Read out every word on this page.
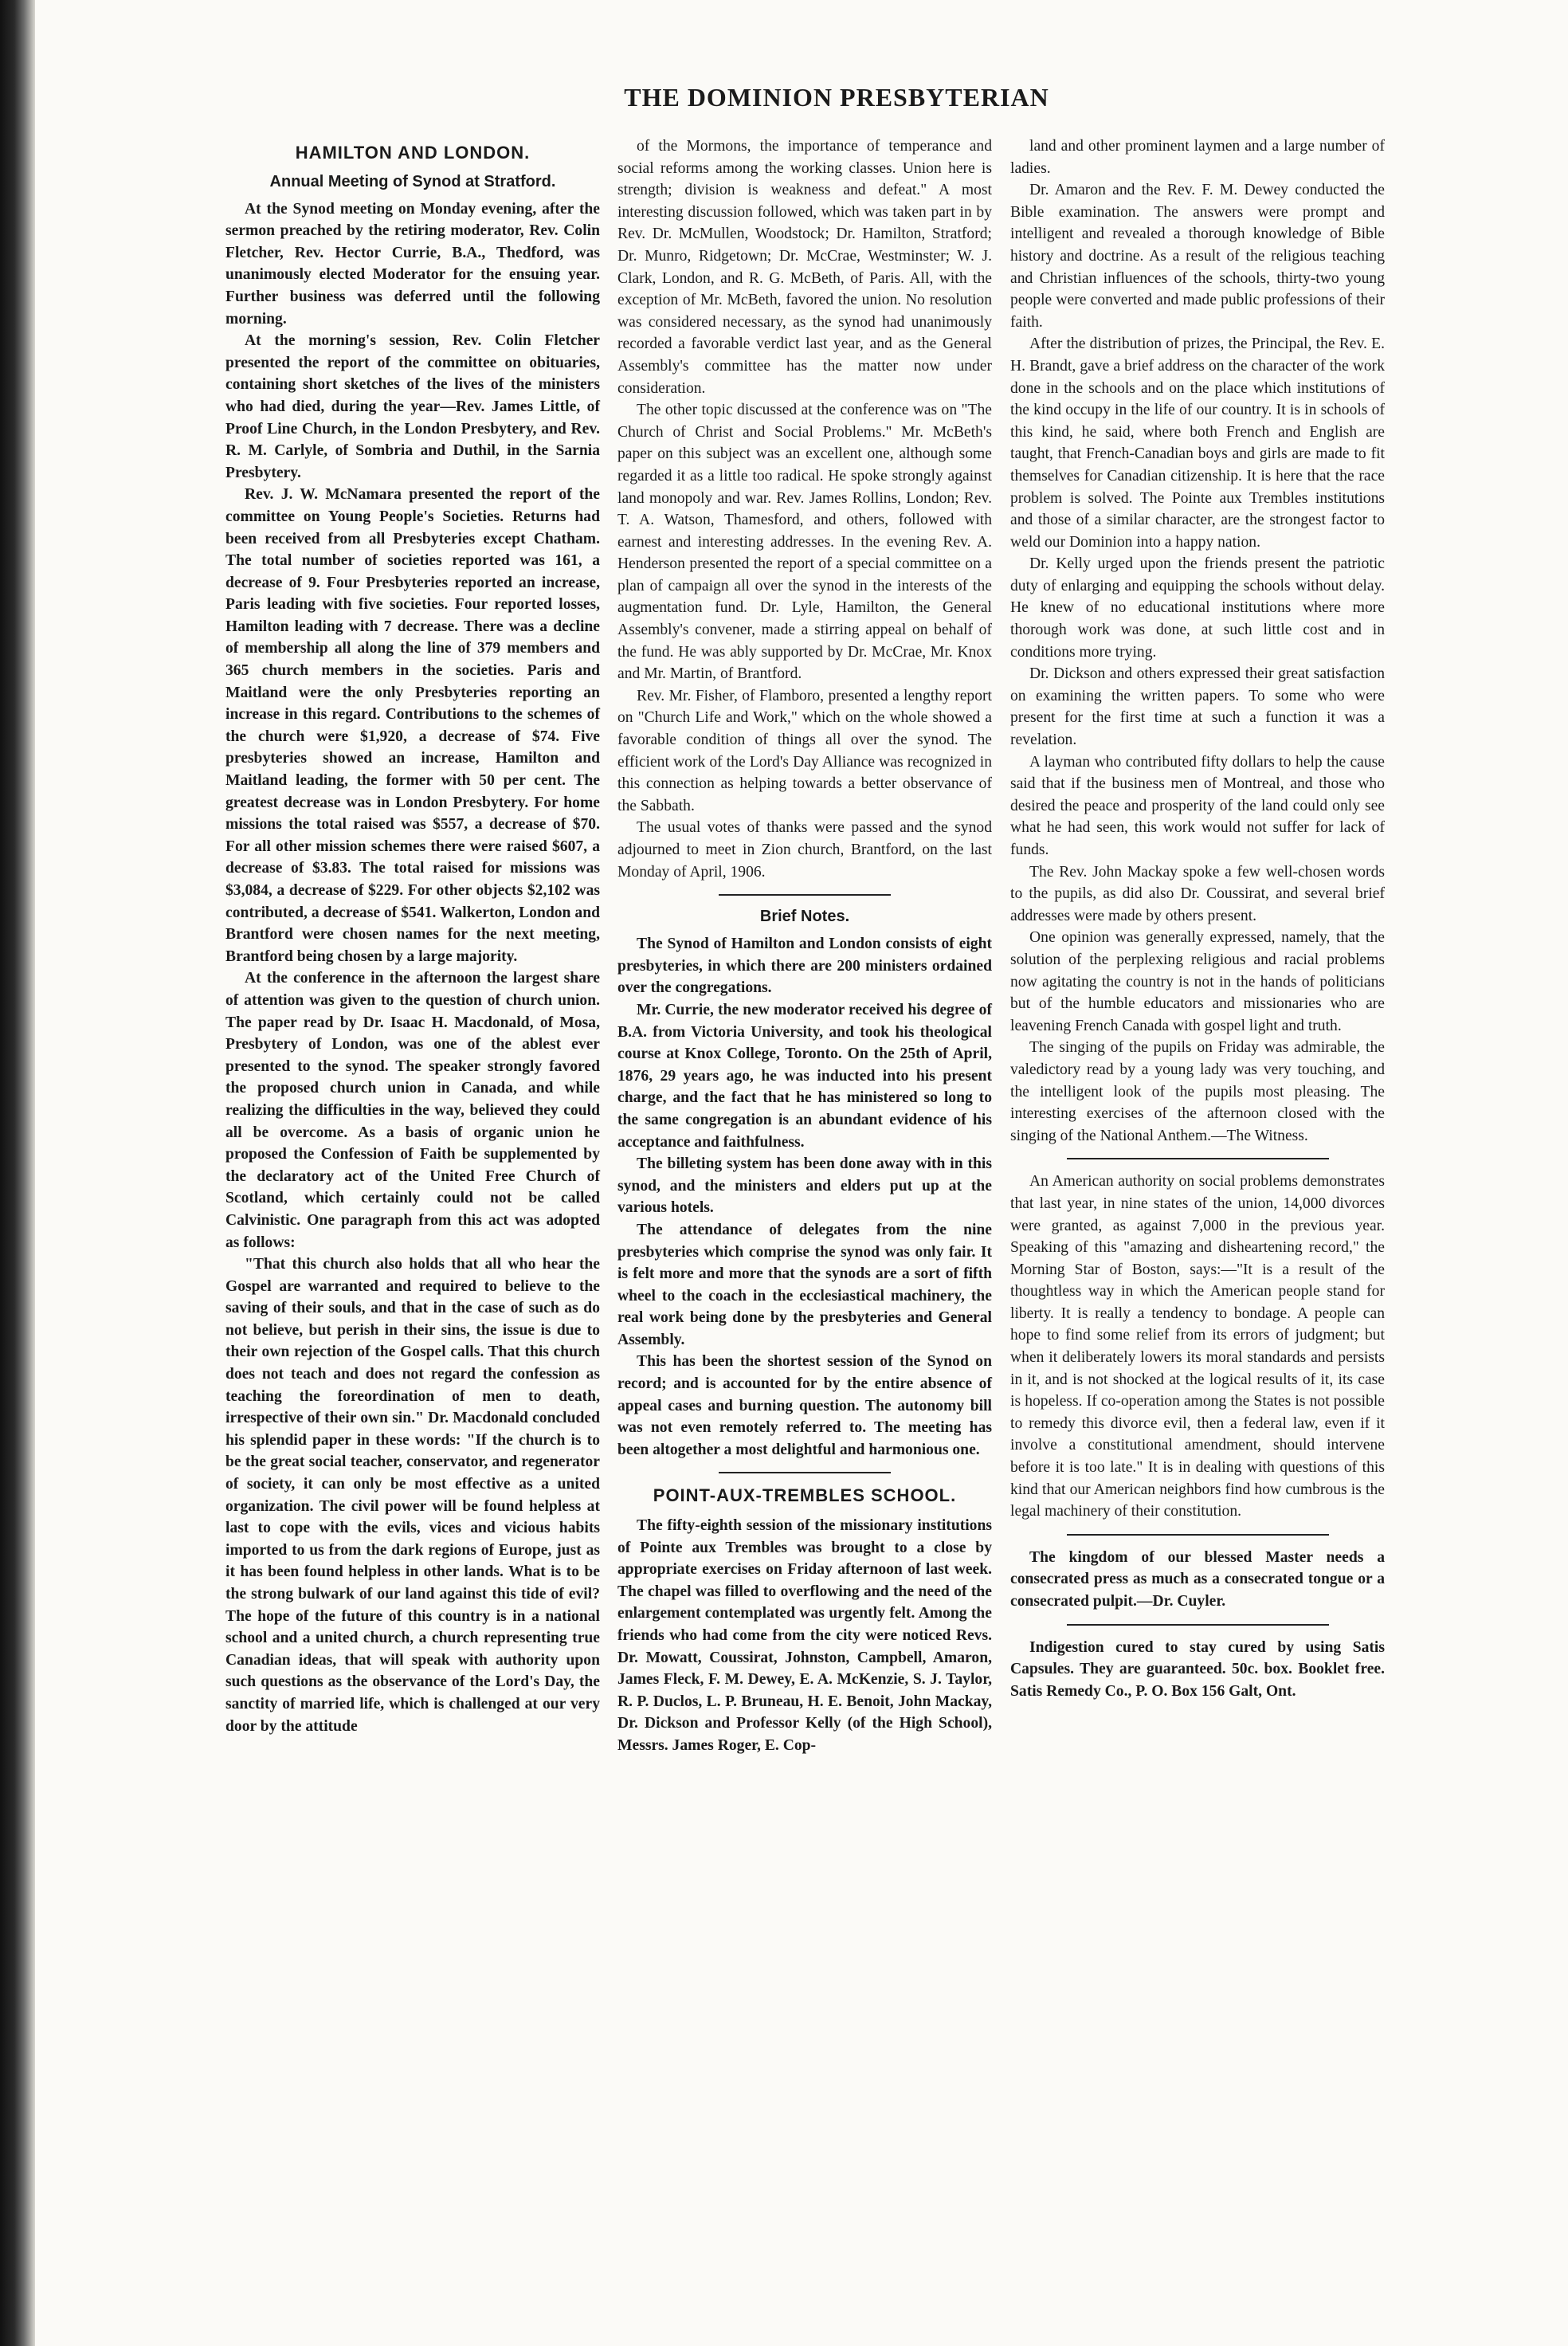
THE DOMINION PRESBYTERIAN
HAMILTON AND LONDON.
Annual Meeting of Synod at Stratford.

At the Synod meeting on Monday evening, after the sermon preached by the retiring moderator, Rev. Colin Fletcher, Rev. Hector Currie, B.A., Thedford, was unanimously elected Moderator for the ensuing year. Further business was deferred until the following morning.

At the morning's session, Rev. Colin Fletcher presented the report of the committee on obituaries, containing short sketches of the lives of the ministers who had died, during the year—Rev. James Little, of Proof Line Church, in the London Presbytery, and Rev. R. M. Carlyle, of Sombria and Duthil, in the Sarnia Presbytery.

Rev. J. W. McNamara presented the report of the committee on Young People's Societies. Returns had been received from all Presbyteries except Chatham. The total number of societies reported was 161, a decrease of 9. Four Presbyteries reported an increase, Paris leading with five societies. Four reported losses, Hamilton leading with 7 decrease. There was a decline of membership all along the line of 379 members and 365 church members in the societies. Paris and Maitland were the only Presbyteries reporting an increase in this regard. Contributions to the schemes of the church were $1,920, a decrease of $74. Five presbyteries showed an increase, Hamilton and Maitland leading, the former with 50 per cent. The greatest decrease was in London Presbytery. For home missions the total raised was $557, a decrease of $70. For all other mission schemes there were raised $607, a decrease of $3.83. The total raised for missions was $3,084, a decrease of $229. For other objects $2,102 was contributed, a decrease of $541. Walkerton, London and Brantford were chosen names for the next meeting, Brantford being chosen by a large majority.

At the conference in the afternoon the largest share of attention was given to the question of church union. The paper read by Dr. Isaac H. Macdonald, of Mosa, Presbytery of London, was one of the ablest ever presented to the synod. The speaker strongly favored the proposed church union in Canada, and while realizing the difficulties in the way, believed they could all be overcome. As a basis of organic union he proposed the Confession of Faith be supplemented by the declaratory act of the United Free Church of Scotland, which certainly could not be called Calvinistic. One paragraph from this act was adopted as follows:

"That this church also holds that all who hear the Gospel are warranted and required to believe to the saving of their souls, and that in the case of such as do not believe, but perish in their sins, the issue is due to their own rejection of the Gospel calls. That this church does not teach and does not regard the confession as teaching the foreordination of men to death, irrespective of their own sin." Dr. Macdonald concluded his splendid paper in these words: "If the church is to be the great social teacher, conservator, and regenerator of society, it can only be most effective as a united organization. The civil power will be found helpless at last to cope with the evils, vices and vicious habits imported to us from the dark regions of Europe, just as it has been found helpless in other lands. What is to be the strong bulwark of our land against this tide of evil? The hope of the future of this country is in a national school and a united church, a church representing true Canadian ideas, that will speak with authority upon such questions as the observance of the Lord's Day, the sanctity of married life, which is challenged at our very door by the attitude

of the Mormons, the importance of temperance and social reforms among the working classes. Union here is strength; division is weakness and defeat." A most interesting discussion followed, which was taken part in by Rev. Dr. McMullen, Woodstock; Dr. Hamilton, Stratford; Dr. Munro, Ridgetown; Dr. McCrae, Westminster; W. J. Clark, London, and R. G. McBeth, of Paris. All, with the exception of Mr. McBeth, favored the union. No resolution was considered necessary, as the synod had unanimously recorded a favorable verdict last year, and as the General Assembly's committee has the matter now under consideration.

The other topic discussed at the conference was on "The Church of Christ and Social Problems." Mr. McBeth's paper on this subject was an excellent one, although some regarded it as a little too radical. He spoke strongly against land monopoly and war. Rev. James Rollins, London; Rev. T. A. Watson, Thamesford, and others, followed with earnest and interesting addresses. In the evening Rev. A. Henderson presented the report of a special committee on a plan of campaign all over the synod in the interests of the augmentation fund. Dr. Lyle, Hamilton, the General Assembly's convener, made a stirring appeal on behalf of the fund. He was ably supported by Dr. McCrae, Mr. Knox and Mr. Martin, of Brantford.

Rev. Mr. Fisher, of Flamboro, presented a lengthy report on "Church Life and Work," which on the whole showed a favorable condition of things all over the synod. The efficient work of the Lord's Day Alliance was recognized in this connection as helping towards a better observance of the Sabbath.

The usual votes of thanks were passed and the synod adjourned to meet in Zion church, Brantford, on the last Monday of April, 1906.

Brief Notes.

The Synod of Hamilton and London consists of eight presbyteries, in which there are 200 ministers ordained over the congregations.

Mr. Currie, the new moderator received his degree of B.A. from Victoria University, and took his theological course at Knox College, Toronto. On the 25th of April, 1876, 29 years ago, he was inducted into his present charge, and the fact that he has ministered so long to the same congregation is an abundant evidence of his acceptance and faithfulness.

The billeting system has been done away with in this synod, and the ministers and elders put up at the various hotels.

The attendance of delegates from the nine presbyteries which comprise the synod was only fair. It is felt more and more that the synods are a sort of fifth wheel to the coach in the ecclesiastical machinery, the real work being done by the presbyteries and General Assembly.

This has been the shortest session of the Synod on record; and is accounted for by the entire absence of appeal cases and burning question. The autonomy bill was not even remotely referred to. The meeting has been altogether a most delightful and harmonious one.

POINT-AUX-TREMBLES SCHOOL.

The fifty-eighth session of the missionary institutions of Pointe aux Trembles was brought to a close by appropriate exercises on Friday afternoon of last week. The chapel was filled to overflowing and the need of the enlargement contemplated was urgently felt. Among the friends who had come from the city were noticed Revs. Dr. Mowatt, Coussirat, Johnston, Campbell, Amaron, James Fleck, F. M. Dewey, E. A. McKenzie, S. J. Taylor, R. P. Duclos, L. P. Bruneau, H. E. Benoit, John Mackay, Dr. Dickson and Professor Kelly (of the High School), Messrs. James Roger, E. Cop-

land and other prominent laymen and a large number of ladies.

Dr. Amaron and the Rev. F. M. Dewey conducted the Bible examination. The answers were prompt and intelligent and revealed a thorough knowledge of Bible history and doctrine. As a result of the religious teaching and Christian influences of the schools, thirty-two young people were converted and made public professions of their faith.

After the distribution of prizes, the Principal, the Rev. E. H. Brandt, gave a brief address on the character of the work done in the schools and on the place which institutions of the kind occupy in the life of our country. It is in schools of this kind, he said, where both French and English are taught, that French-Canadian boys and girls are made to fit themselves for Canadian citizenship. It is here that the race problem is solved. The Pointe aux Trembles institutions and those of a similar character, are the strongest factor to weld our Dominion into a happy nation.

Dr. Kelly urged upon the friends present the patriotic duty of enlarging and equipping the schools without delay. He knew of no educational institutions where more thorough work was done, at such little cost and in conditions more trying.

Dr. Dickson and others expressed their great satisfaction on examining the written papers. To some who were present for the first time at such a function it was a revelation.

A layman who contributed fifty dollars to help the cause said that if the business men of Montreal, and those who desired the peace and prosperity of the land could only see what he had seen, this work would not suffer for lack of funds.

The Rev. John Mackay spoke a few well-chosen words to the pupils, as did also Dr. Coussirat, and several brief addresses were made by others present.

One opinion was generally expressed, namely, that the solution of the perplexing religious and racial problems now agitating the country is not in the hands of politicians but of the humble educators and missionaries who are leavening French Canada with gospel light and truth.

The singing of the pupils on Friday was admirable, the valedictory read by a young lady was very touching, and the intelligent look of the pupils most pleasing. The interesting exercises of the afternoon closed with the singing of the National Anthem.—The Witness.

An American authority on social problems demonstrates that last year, in nine states of the union, 14,000 divorces were granted, as against 7,000 in the previous year. Speaking of this "amazing and disheartening record," the Morning Star of Boston, says:—"It is a result of the thoughtless way in which the American people stand for liberty. It is really a tendency to bondage. A people can hope to find some relief from its errors of judgment; but when it deliberately lowers its moral standards and persists in it, and is not shocked at the logical results of it, its case is hopeless. If co-operation among the States is not possible to remedy this divorce evil, then a federal law, even if it involve a constitutional amendment, should intervene before it is too late." It is in dealing with questions of this kind that our American neighbors find how cumbrous is the legal machinery of their constitution.

The kingdom of our blessed Master needs a consecrated press as much as a consecrated tongue or a consecrated pulpit.—Dr. Cuyler.

Indigestion cured to stay cured by using Satis Capsules. They are guaranteed. 50c. box. Booklet free. Satis Remedy Co., P. O. Box 156 Galt, Ont.
